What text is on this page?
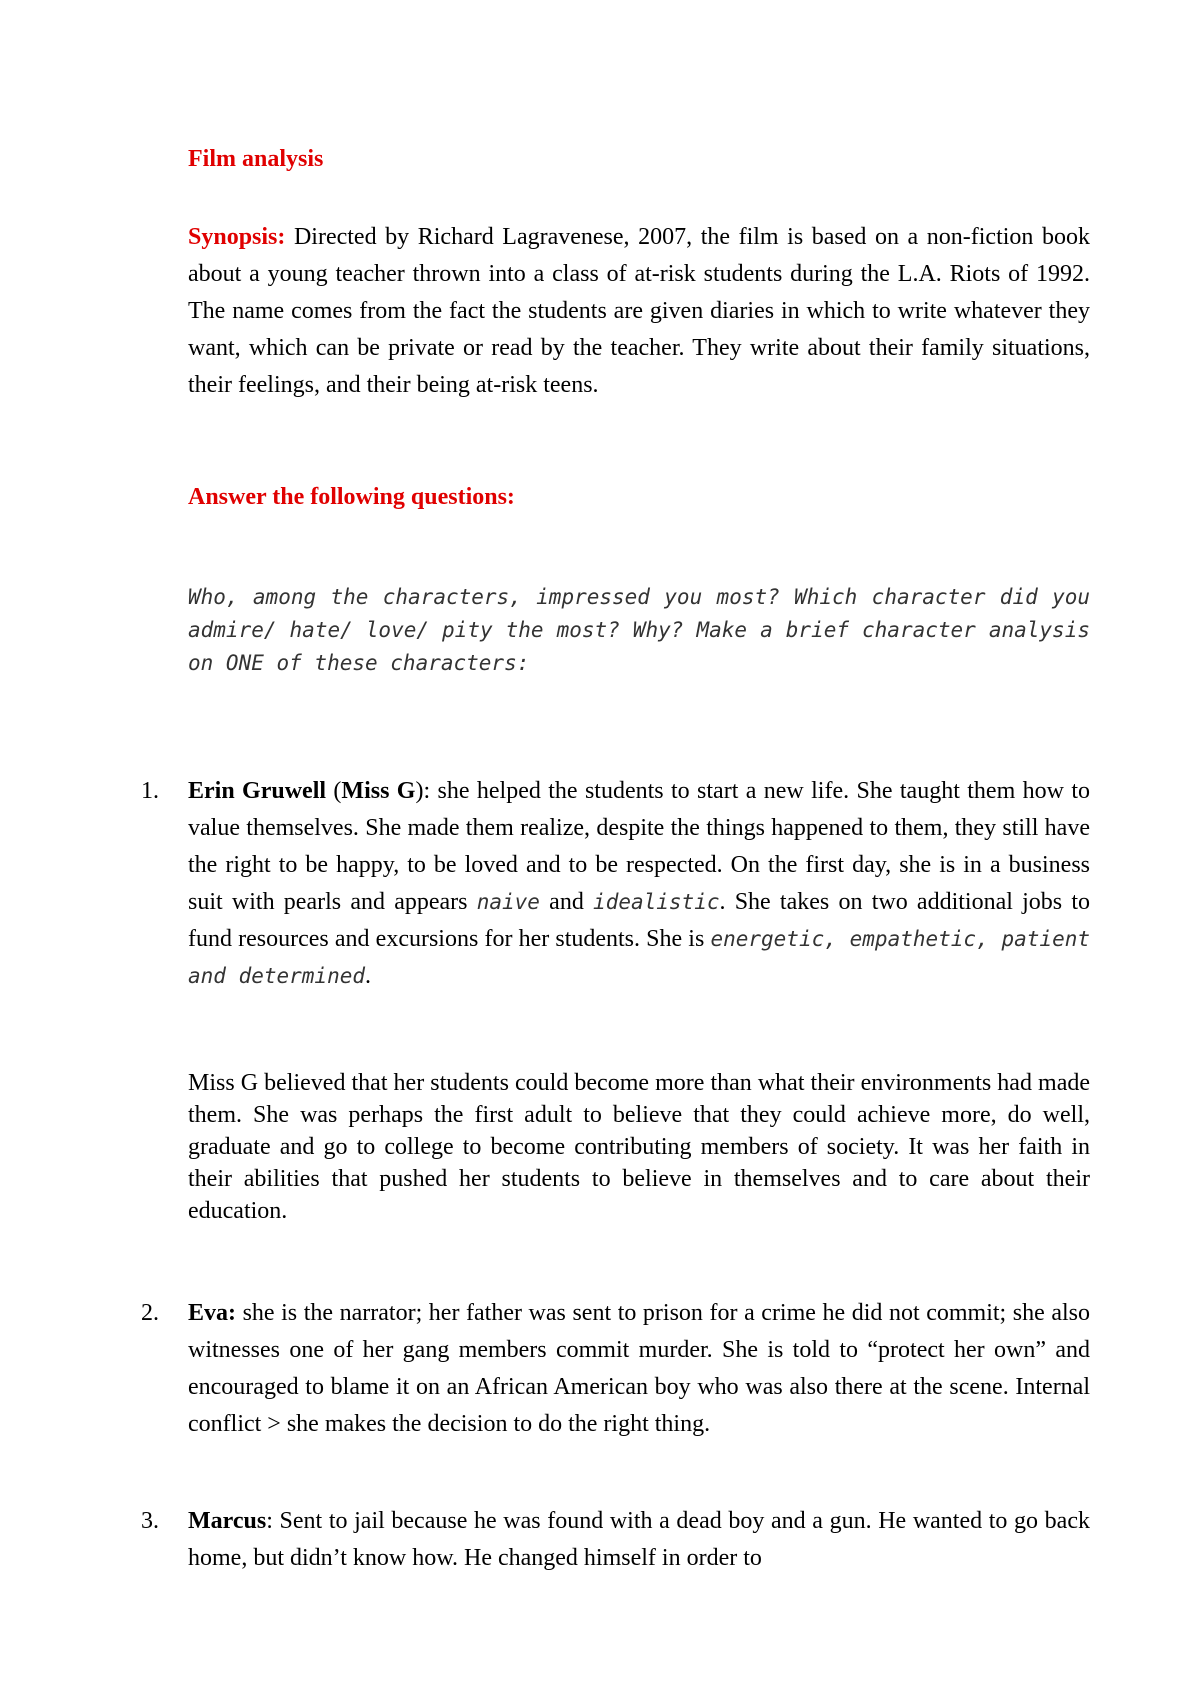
Film analysis
Synopsis: Directed by Richard Lagravenese, 2007, the film is based on a non-fiction book about a young teacher thrown into a class of at-risk students during the L.A. Riots of 1992. The name comes from the fact the students are given diaries in which to write whatever they want, which can be private or read by the teacher. They write about their family situations, their feelings, and their being at-risk teens.
Answer the following questions:
Who, among the characters, impressed you most? Which character did you admire/ hate/ love/ pity the most? Why? Make a brief character analysis on ONE of these characters:
1. Erin Gruwell (Miss G): she helped the students to start a new life. She taught them how to value themselves. She made them realize, despite the things happened to them, they still have the right to be happy, to be loved and to be respected. On the first day, she is in a business suit with pearls and appears naive and idealistic. She takes on two additional jobs to fund resources and excursions for her students. She is energetic, empathetic, patient and determined.
Miss G believed that her students could become more than what their environments had made them. She was perhaps the first adult to believe that they could achieve more, do well, graduate and go to college to become contributing members of society. It was her faith in their abilities that pushed her students to believe in themselves and to care about their education.
2. Eva: she is the narrator; her father was sent to prison for a crime he did not commit; she also witnesses one of her gang members commit murder. She is told to “protect her own” and encouraged to blame it on an African American boy who was also there at the scene. Internal conflict > she makes the decision to do the right thing.
3. Marcus: Sent to jail because he was found with a dead boy and a gun. He wanted to go back home, but didn’t know how. He changed himself in order to
